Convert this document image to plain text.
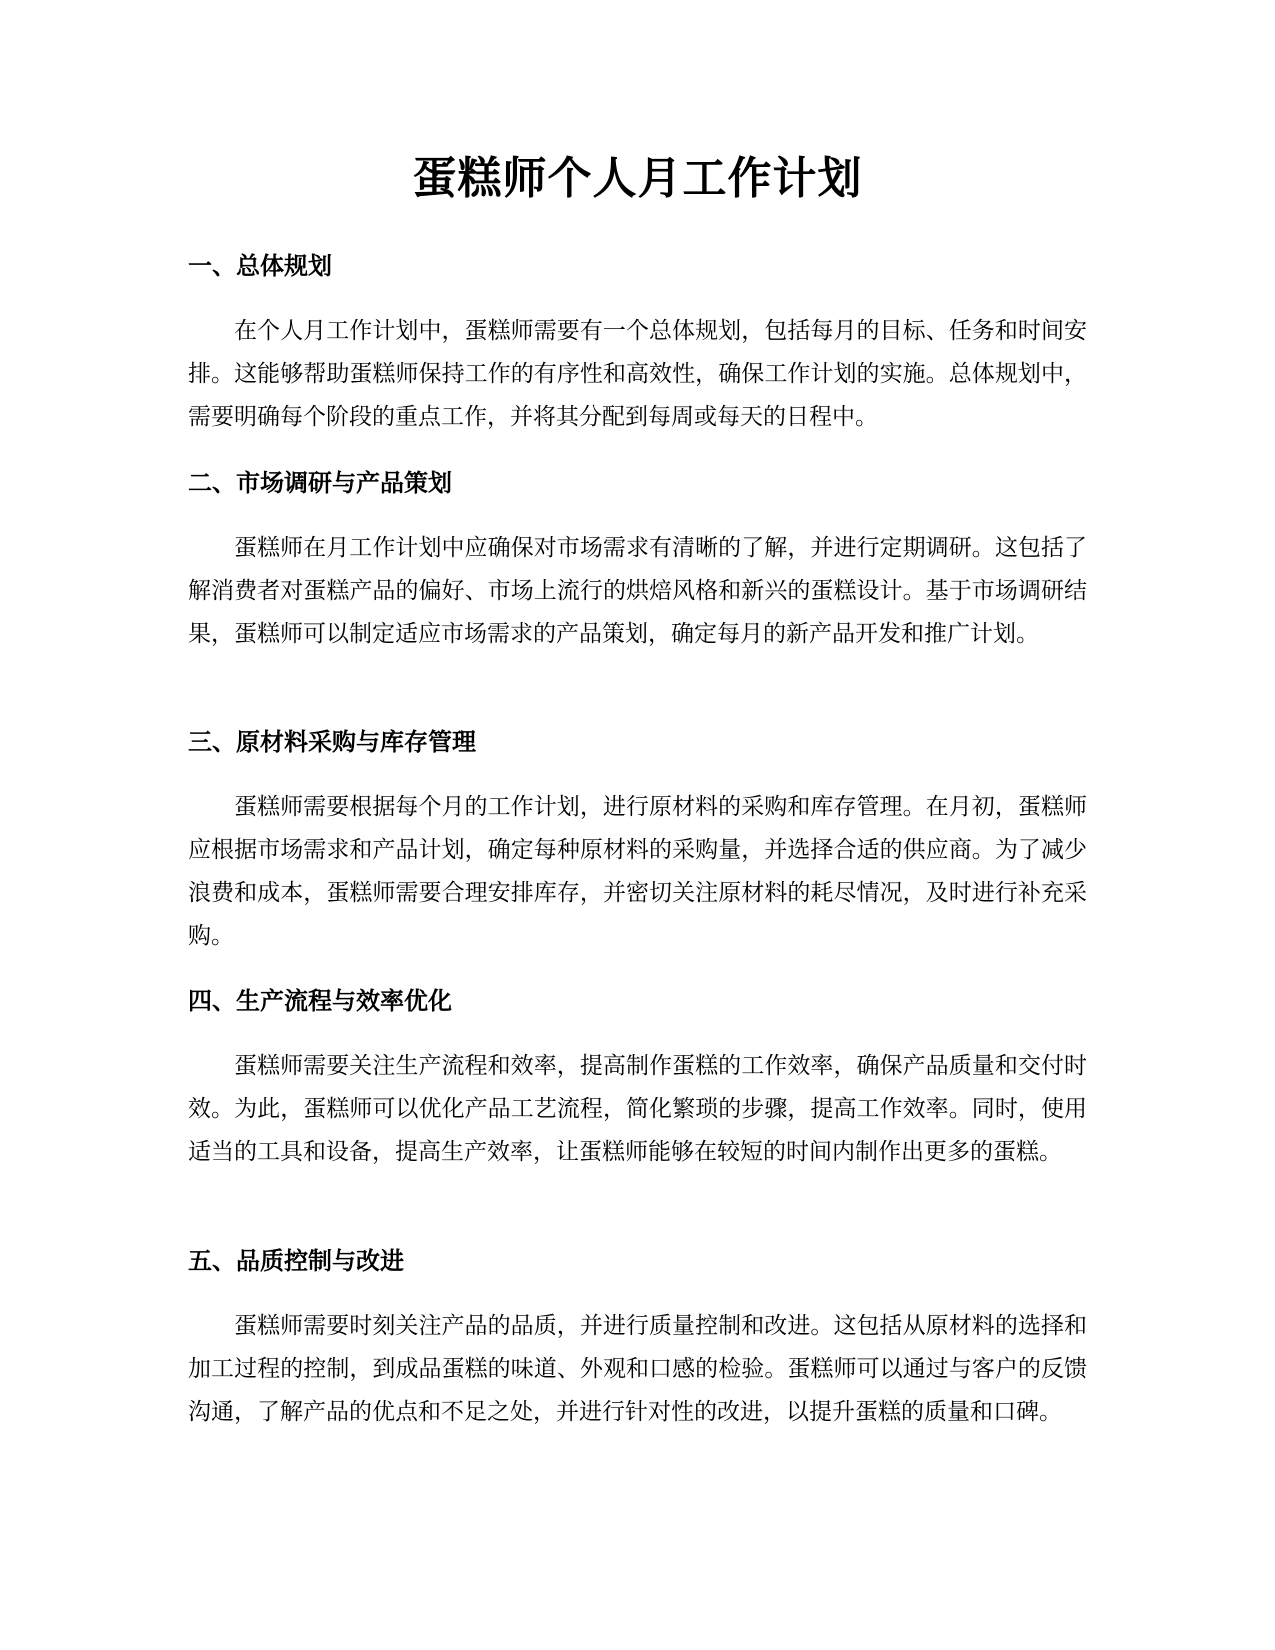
蛋糕师个人月工作计划
一、总体规划

在个人月工作计划中，蛋糕师需要有一个总体规划，包括每月的目标、任务和时间安排。这能够帮助蛋糕师保持工作的有序性和高效性，确保工作计划的实施。总体规划中，需要明确每个阶段的重点工作，并将其分配到每周或每天的日程中。

二、市场调研与产品策划

蛋糕师在月工作计划中应确保对市场需求有清晰的了解，并进行定期调研。这包括了解消费者对蛋糕产品的偏好、市场上流行的烘焙风格和新兴的蛋糕设计。基于市场调研结果，蛋糕师可以制定适应市场需求的产品策划，确定每月的新产品开发和推广计划。

三、原材料采购与库存管理

蛋糕师需要根据每个月的工作计划，进行原材料的采购和库存管理。在月初，蛋糕师应根据市场需求和产品计划，确定每种原材料的采购量，并选择合适的供应商。为了减少浪费和成本，蛋糕师需要合理安排库存，并密切关注原材料的耗尽情况，及时进行补充采购。

四、生产流程与效率优化

蛋糕师需要关注生产流程和效率，提高制作蛋糕的工作效率，确保产品质量和交付时效。为此，蛋糕师可以优化产品工艺流程，简化繁琐的步骤，提高工作效率。同时，使用适当的工具和设备，提高生产效率，让蛋糕师能够在较短的时间内制作出更多的蛋糕。

五、品质控制与改进

蛋糕师需要时刻关注产品的品质，并进行质量控制和改进。这包括从原材料的选择和加工过程的控制，到成品蛋糕的味道、外观和口感的检验。蛋糕师可以通过与客户的反馈沟通，了解产品的优点和不足之处，并进行针对性的改进，以提升蛋糕的质量和口碑。
